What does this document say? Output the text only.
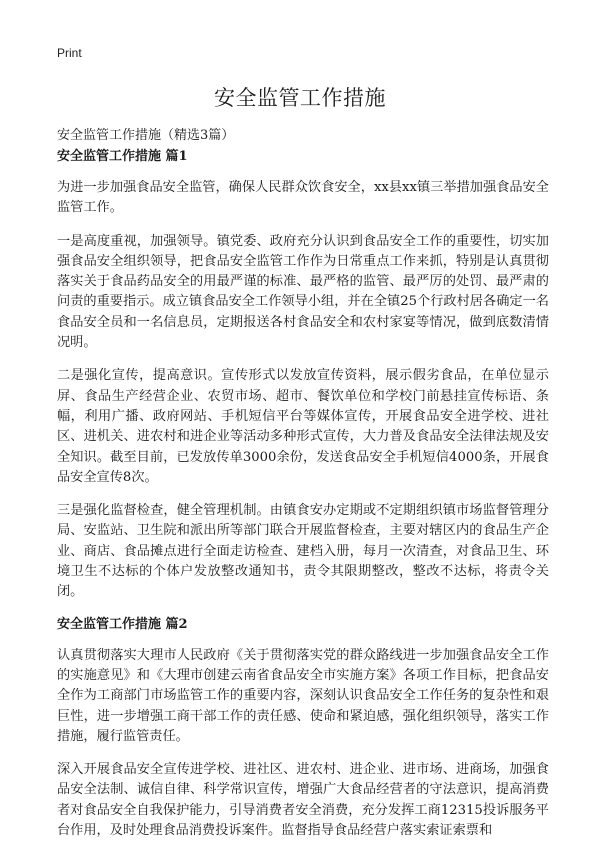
Print
安全监管工作措施
安全监管工作措施（精选3篇）
安全监管工作措施 篇1

为进一步加强食品安全监管，确保人民群众饮食安全，xx县xx镇三举措加强食品安全监管工作。

一是高度重视，加强领导。镇党委、政府充分认识到食品安全工作的重要性，切实加强食品安全组织领导，把食品安全监管工作作为日常重点工作来抓，特别是认真贯彻落实关于食品药品安全的用最严谨的标准、最严格的监管、最严厉的处罚、最严肃的问责的重要指示。成立镇食品安全工作领导小组，并在全镇25个行政村居各确定一名食品安全员和一名信息员，定期报送各村食品安全和农村家宴等情况，做到底数清情况明。

二是强化宣传，提高意识。宣传形式以发放宣传资料，展示假劣食品，在单位显示屏、食品生产经营企业、农贸市场、超市、餐饮单位和学校门前悬挂宣传标语、条幅，利用广播、政府网站、手机短信平台等媒体宣传，开展食品安全进学校、进社区、进机关、进农村和进企业等活动多种形式宣传，大力普及食品安全法律法规及安全知识。截至目前，已发放传单3000余份，发送食品安全手机短信4000条，开展食品安全宣传8次。

三是强化监督检查，健全管理机制。由镇食安办定期或不定期组织镇市场监督管理分局、安监站、卫生院和派出所等部门联合开展监督检查，主要对辖区内的食品生产企业、商店、食品摊点进行全面走访检查、建档入册，每月一次清查，对食品卫生、环境卫生不达标的个体户发放整改通知书，责令其限期整改，整改不达标，将责令关闭。

安全监管工作措施 篇2

认真贯彻落实大理市人民政府《关于贯彻落实党的群众路线进一步加强食品安全工作的实施意见》和《大理市创建云南省食品安全市实施方案》各项工作目标，把食品安全作为工商部门市场监管工作的重要内容，深刻认识食品安全工作任务的复杂性和艰巨性，进一步增强工商干部工作的责任感、使命和紧迫感，强化组织领导，落实工作措施，履行监管责任。

深入开展食品安全宣传进学校、进社区、进农村、进企业、进市场、进商场，加强食品安全法制、诚信自律、科学常识宣传，增强广大食品经营者的守法意识，提高消费者对食品安全自我保护能力，引导消费者安全消费，充分发挥工商12315投诉服务平台作用，及时处理食品消费投诉案件。监督指导食品经营户落实索证索票和
